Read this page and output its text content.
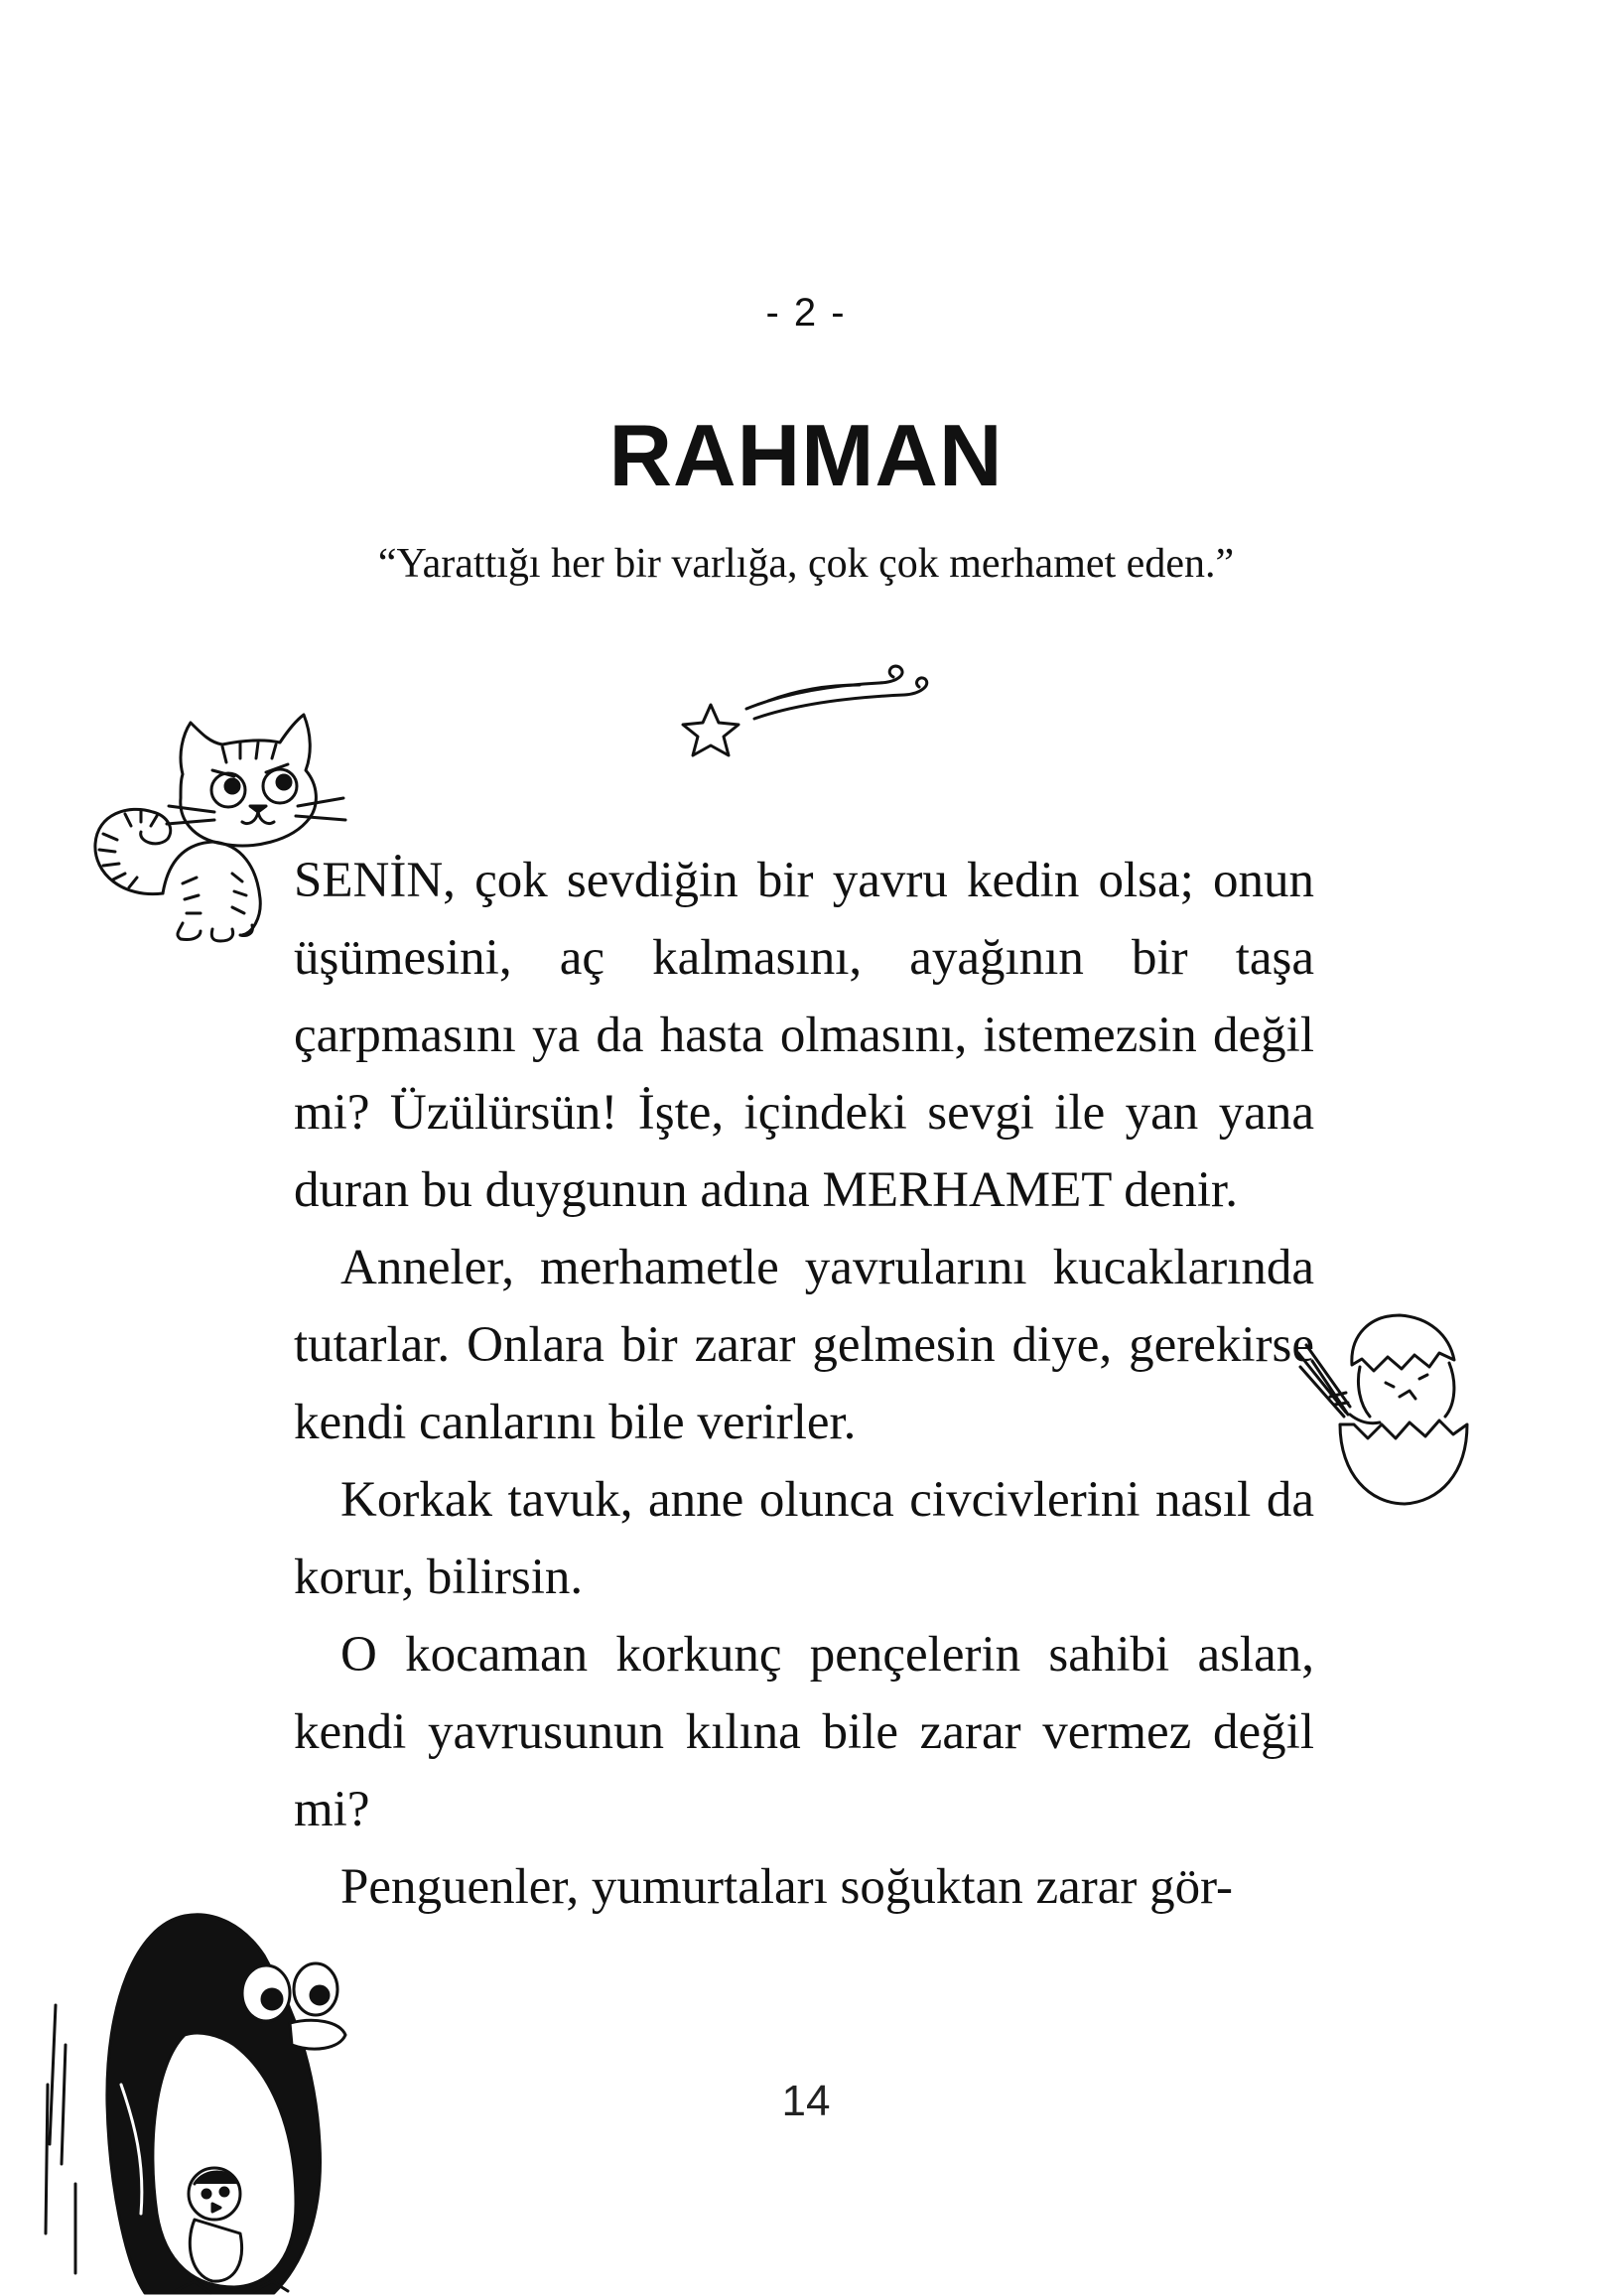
- 2 -
RAHMAN
“Yarattığı her bir varlığa, çok çok merhamet eden.”

SENİN, çok sevdiğin bir yavru kedin olsa; onun üşümesini, aç kalmasını, ayağının bir taşa çarpmasını ya da hasta olmasını, istemezsin değil mi? Üzülürsün! İşte, içindeki sevgi ile yan yana duran bu duygunun adına MERHAMET denir.

Anneler, merhametle yavrularını kucaklarında tutarlar. Onlara bir zarar gelmesin diye, gerekirse kendi canlarını bile verirler.

Korkak tavuk, anne olunca civcivlerini nasıl da korur, bilirsin.

O kocaman korkunç pençelerin sahibi aslan, kendi yavrusunun kılına bile zarar vermez değil mi?

Penguenler, yumurtaları soğuktan zarar gör-

14
